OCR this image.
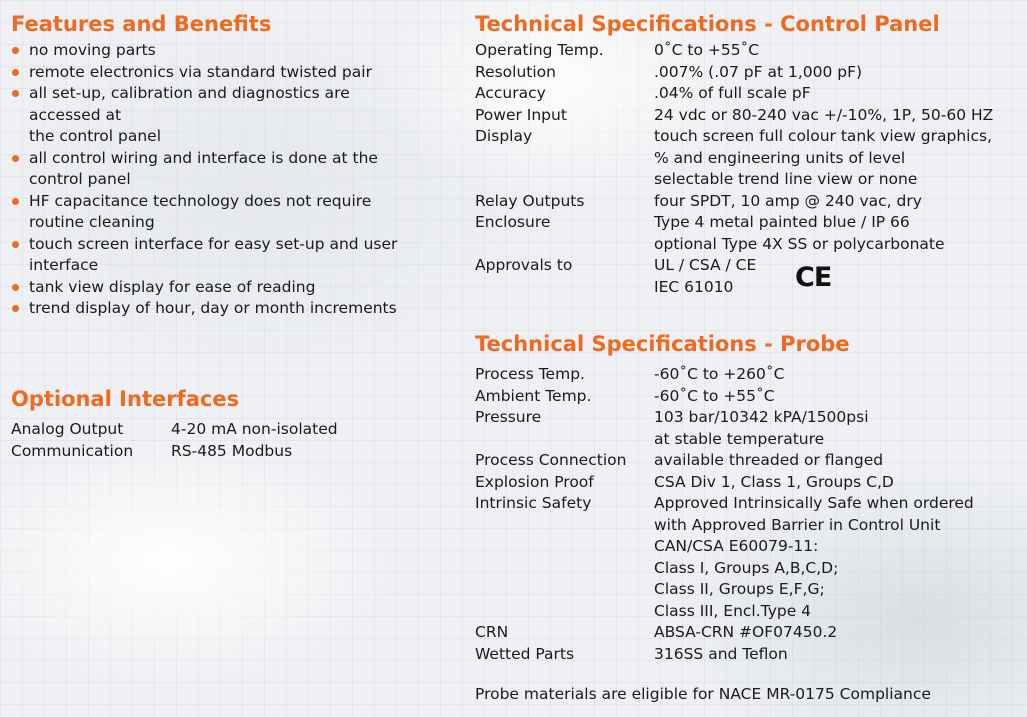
Features and Benefits
no moving parts
remote electronics via standard twisted pair
all set-up, calibration and diagnostics are
accessed at
the control panel
all control wiring and interface is done at the
control panel
HF capacitance technology does not require
routine cleaning
touch screen interface for easy set-up and user
interface
tank view display for ease of reading
trend display of hour, day or month increments
Optional Interfaces
Analog Output	4-20 mA non-isolated
Communication	RS-485 Modbus
Technical Specifications - Control Panel
Operating Temp.	0˚C to +55˚C
Resolution	.007% (.07 pF at 1,000 pF)
Accuracy	.04% of full scale pF
Power Input	24 vdc or 80-240 vac +/-10%, 1P, 50-60 HZ
Display	touch screen full colour tank view graphics,
	% and engineering units of level
	selectable trend line view or none
Relay Outputs	four SPDT, 10 amp @ 240 vac, dry
Enclosure	Type 4 metal painted blue / IP 66
	optional Type 4X SS or polycarbonate
Approvals to	UL / CSA / CE
	IEC 61010 CE
Technical Specifications - Probe
Process Temp.	-60˚C to +260˚C
Ambient Temp.	-60˚C to +55˚C
Pressure	103 bar/10342 kPA/1500psi
	at stable temperature
Process Connection	available threaded or flanged
Explosion Proof	CSA Div 1, Class 1, Groups C,D
Intrinsic Safety	Approved Intrinsically Safe when ordered
	with Approved Barrier in Control Unit
	CAN/CSA E60079-11:
	Class I, Groups A,B,C,D;
	Class II, Groups E,F,G;
	Class III, Encl.Type 4
CRN	ABSA-CRN #OF07450.2
Wetted Parts	316SS and Teflon

Probe materials are eligible for NACE MR-0175 Compliance
